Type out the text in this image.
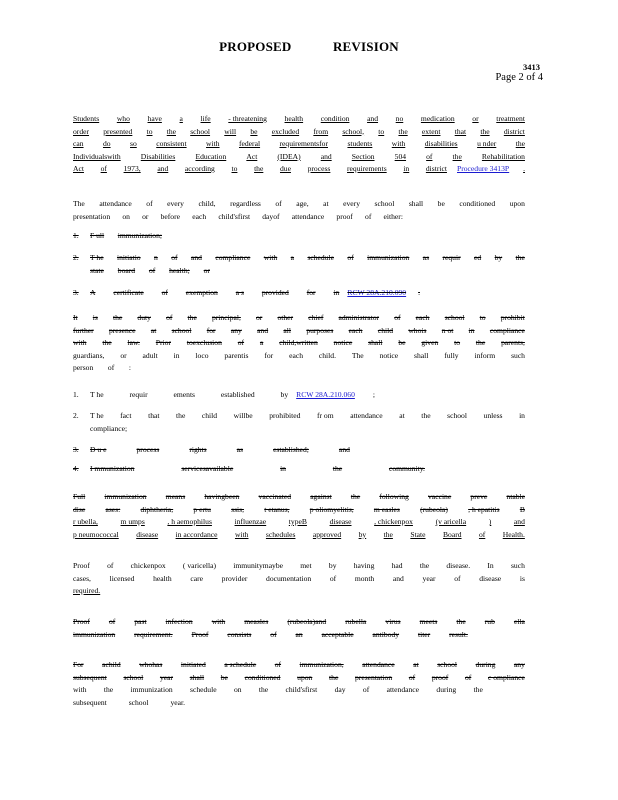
PROPOSED REVISION
3413
Page 2 of 4
Students who have a life - threatening health condition and no medication or treatment
order presented to the school will be excluded from school, to the extent that the district
can	do	so	consistent	with	federal	requirementsfor	students	with	disabilities	u nder	the
Individualswith	Disabilities	Education	Act	(IDEA)	and	Section	504	of	the	Rehabilitation
Act of 1973, and according to the due process requirements in district Procedure 3413P .
The attendance of every child, regardless of age, at every school shall be conditioned upon
presentation on or before each child'sfirst dayof attendance proof of either:
1.	F ull immunization;
2.	T he initiatio n of and compliance with a schedule of immunization as requir ed by the
state board of health; or
3.	A certificate of exemption a s provided for in RCW 28A.210.090 .
It is the duty of the principal, or other chief administrator of each school to prohibit
further presence at school for any and all purposes each child whois n ot in compliance
with the law. Prior toexclusion of a child,written notice shall be given to the parents,
guardians, or adult in loco parentis for each child. The notice shall fully inform such
person of :
1.	T he	requir	ements	established	by RCW 28A.210.060 ;
2.	T he fact that the child willbe prohibited fr om attendance at the school unless in
compliance;
3.	D u e	process	rights	as	established;	and
4.	I mmunization	servicesavailable	in	the	community.
Full	immunization	means	havingbeen	vaccinated	against	the	following	vaccine	preve	ntable
dise	ases:	diphtheria,	p ertu	ssis,	t etanus,	p oliomyelitis,	m easles	(rubeola)	, h epatitis	B
r ubella,	m umps	, h aemophilus	influenzae	typeB	disease	, chickenpox	(v aricella	)	and
p neumococcal disease in accordance with schedules approved by the State Board of Health.
Proof of chickenpox ( varicella) immunitymaybe met by having had the disease. In such
cases, licensed health care provider documentation of month and year of disease is
required.
Proof	of	past	infection	with	measles	(rubeola)and	rubella	virus	meets	the	rub	ella
immunization requirement. Proof consists of an acceptable antibody titer result.
For achild whohas initiated a schedule of immunization, attendance at school during any
subsequent school year shall be conditioned upon the presentation of proof of c ompliance
with the immunization schedule on the child'sfirst day of attendance during the
subsequent	school	year.
